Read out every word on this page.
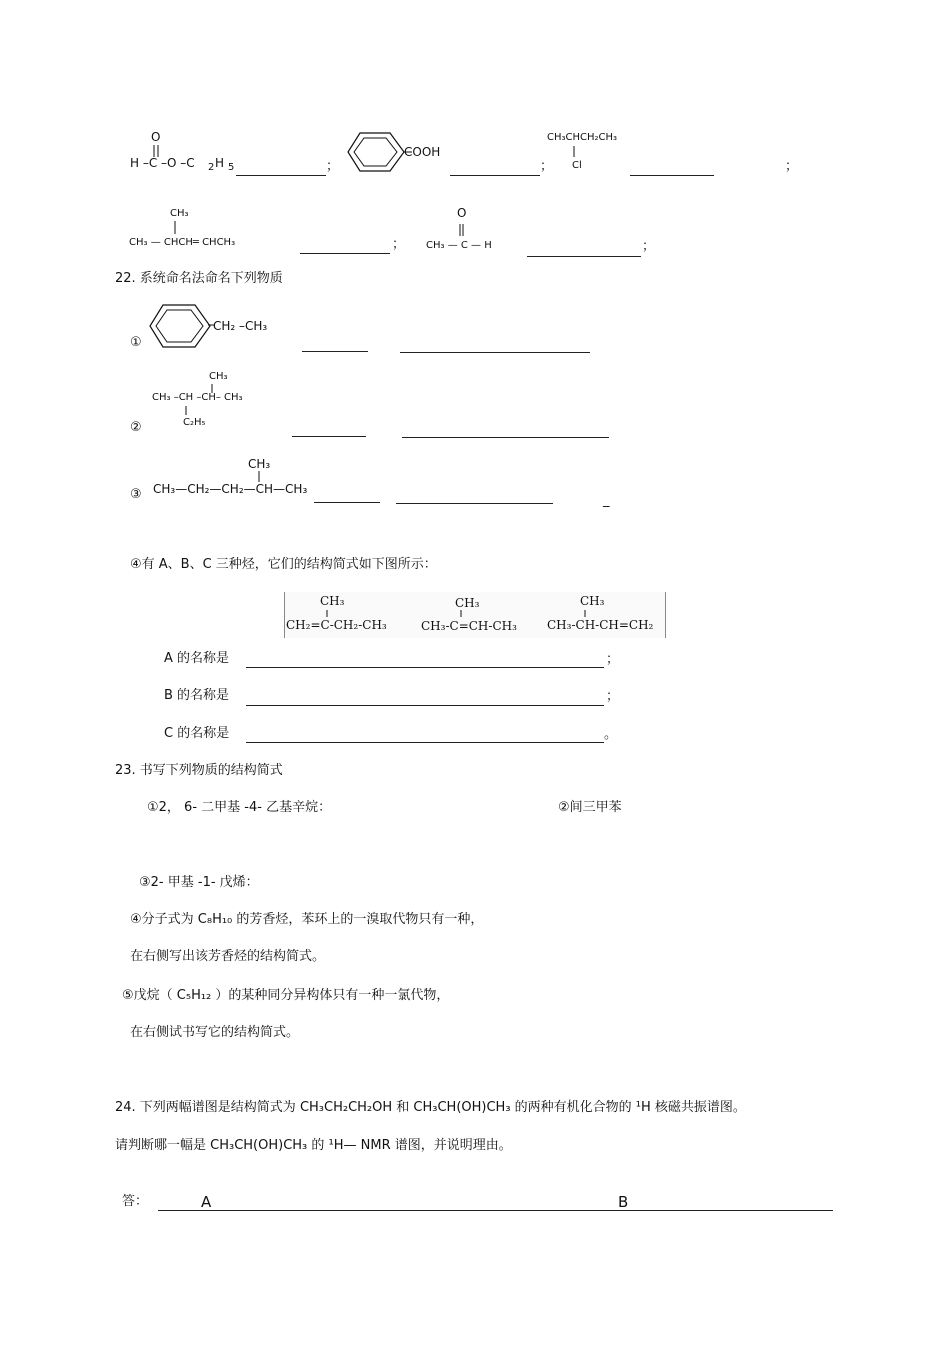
O
H –C –O –C 2 H 5	；
COOH
；
CH₃CHCH₂CH₃
Cl	；
CH₃
CH₃ — CHCH═ CHCH₃	；
O
CH₃ — C — H	；
22. 系统命名法命名下列物质
①
CH₂ –CH₃
CH₃
CH₃ –CH –CH– CH₃
C₂H₅
②
CH₃
CH₃—CH₂—CH₂—CH—CH₃
③	_
④有 A、B、C 三种烃，它们的结构简式如下图所示：
CH₃
CH₂=C-CH₂-CH₃
CH₃
CH₃-C=CH-CH₃
CH₃
CH₃-CH-CH=CH₂
A 的名称是	；
B 的名称是	；
C 的名称是	。
23. 书写下列物质的结构简式
①2， 6- 二甲基 -4- 乙基辛烷：	②间三甲苯
③2- 甲基 -1- 戊烯：
④分子式为 C₈H₁₀ 的芳香烃，苯环上的一溴取代物只有一种，
在右侧写出该芳香烃的结构简式。
⑤戊烷（ C₅H₁₂ ）的某种同分异构体只有一种一氯代物，
在右侧试书写它的结构简式。
24. 下列两幅谱图是结构简式为 CH₃CH₂CH₂OH 和 CH₃CH(OH)CH₃ 的两种有机化合物的 ¹H 核磁共振谱图。
请判断哪一幅是 CH₃CH(OH)CH₃ 的 ¹H— NMR 谱图，并说明理由。
答：	A	B
